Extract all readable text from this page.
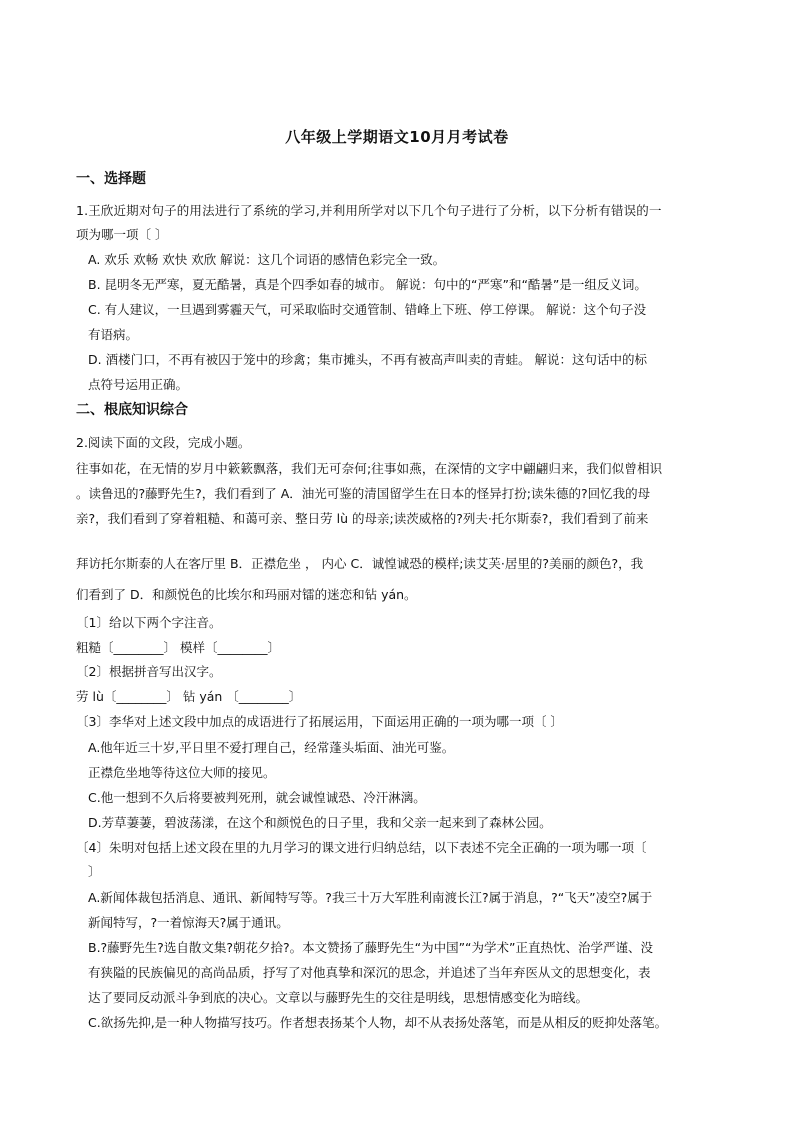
八年级上学期语文10月月考试卷
一、选择题
1.王欣近期对句子的用法进行了系统的学习,并利用所学对以下几个句子进行了分析，以下分析有错误的一
项为哪一项〔 〕
A. 欢乐 欢畅 欢快 欢欣 解说：这几个词语的感情色彩完全一致。
B. 昆明冬无严寒，夏无酷暑，真是个四季如春的城市。 解说：句中的“严寒”和“酷暑”是一组反义词。
C. 有人建议，一旦遇到雾霾天气，可采取临时交通管制、错峰上下班、停工停课。 解说：这个句子没
有语病。
D. 酒楼门口，不再有被囚于笼中的珍禽；集市摊头，不再有被高声叫卖的青蛙。 解说：这句话中的标
点符号运用正确。
二、根底知识综合
2.阅读下面的文段，完成小题。
往事如花，在无情的岁月中簌簌飘落，我们无可奈何;往事如燕，在深情的文字中翩翩归来，我们似曾相识
。读鲁迅的?藤野先生?，我们看到了 A．油光可鉴的清国留学生在日本的怪异打扮;读朱德的?回忆我的母
亲?，我们看到了穿着粗糙、和蔼可亲、整日劳 lù 的母亲;读茨威格的?列夫·托尔斯泰?，我们看到了前来
拜访托尔斯泰的人在客厅里 B．正襟危坐 ， 内心 C．诚惶诚恐的模样;读艾芙·居里的?美丽的颜色?，我
们看到了 D．和颜悦色的比埃尔和玛丽对镭的迷恋和钻 yán。
〔1〕给以下两个字注音。
粗糙〔________〕 模样〔________〕
〔2〕根据拼音写出汉字。
劳 lù〔________〕 钻 yán 〔________〕
〔3〕李华对上述文段中加点的成语进行了拓展运用，下面运用正确的一项为哪一项〔 〕
A.他年近三十岁,平日里不爱打理自己，经常蓬头垢面、油光可鉴。
正襟危坐地等待这位大师的接见。
C.他一想到不久后将要被判死刑，就会诚惶诚恐、冷汗淋漓。
D.芳草萋萋，碧波荡漾，在这个和颜悦色的日子里，我和父亲一起来到了森林公园。
〔4〕朱明对包括上述文段在里的九月学习的课文进行归纳总结，以下表述不完全正确的一项为哪一项〔
〕
A.新闻体裁包括消息、通讯、新闻特写等。?我三十万大军胜利南渡长江?属于消息，?“飞天”凌空?属于
新闻特写，?一着惊海天?属于通讯。
B.?藤野先生?选自散文集?朝花夕拾?。本文赞扬了藤野先生“为中国”“为学术”正直热忱、治学严谨、没
有狭隘的民族偏见的高尚品质，抒写了对他真挚和深沉的思念，并追述了当年弃医从文的思想变化，表
达了要同反动派斗争到底的决心。文章以与藤野先生的交往是明线，思想情感变化为暗线。
C.欲扬先抑,是一种人物描写技巧。作者想表扬某个人物，却不从表扬处落笔，而是从相反的贬抑处落笔。
